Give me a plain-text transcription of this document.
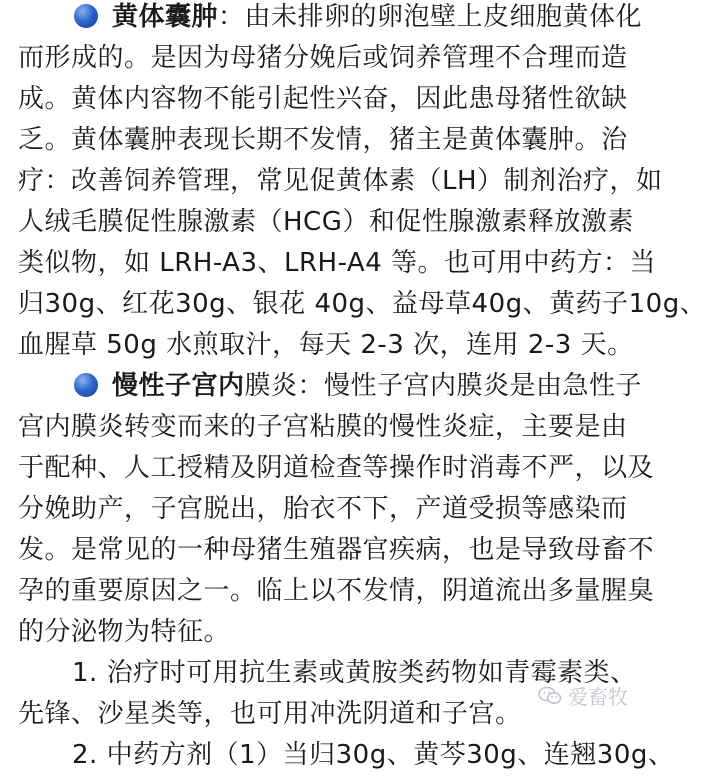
黄体囊肿：由未排卵的卵泡壁上皮细胞黄体化
而形成的。是因为母猪分娩后或饲养管理不合理而造
成。黄体内容物不能引起性兴奋，因此患母猪性欲缺
乏。黄体囊肿表现长期不发情，猪主是黄体囊肿。治
疗：改善饲养管理，常见促黄体素（LH）制剂治疗，如
人绒毛膜促性腺激素（HCG）和促性腺激素释放激素
类似物，如 LRH-A3、LRH-A4 等。也可用中药方：当
归30g、红花30g、银花 40g、益母草40g、黄药子10g、
血腥草 50g 水煎取汁，每天 2-3 次，连用 2-3 天。
慢性子宫内膜炎：慢性子宫内膜炎是由急性子
宫内膜炎转变而来的子宫粘膜的慢性炎症，主要是由
于配种、人工授精及阴道检查等操作时消毒不严，以及
分娩助产，子宫脱出，胎衣不下，产道受损等感染而
发。是常见的一种母猪生殖器官疾病，也是导致母畜不
孕的重要原因之一。临上以不发情，阴道流出多量腥臭
的分泌物为特征。
1. 治疗时可用抗生素或黄胺类药物如青霉素类、
先锋、沙星类等，也可用冲洗阴道和子宫。
2. 中药方剂（1）当归30g、黄芩30g、连翘30g、
爱畜牧
